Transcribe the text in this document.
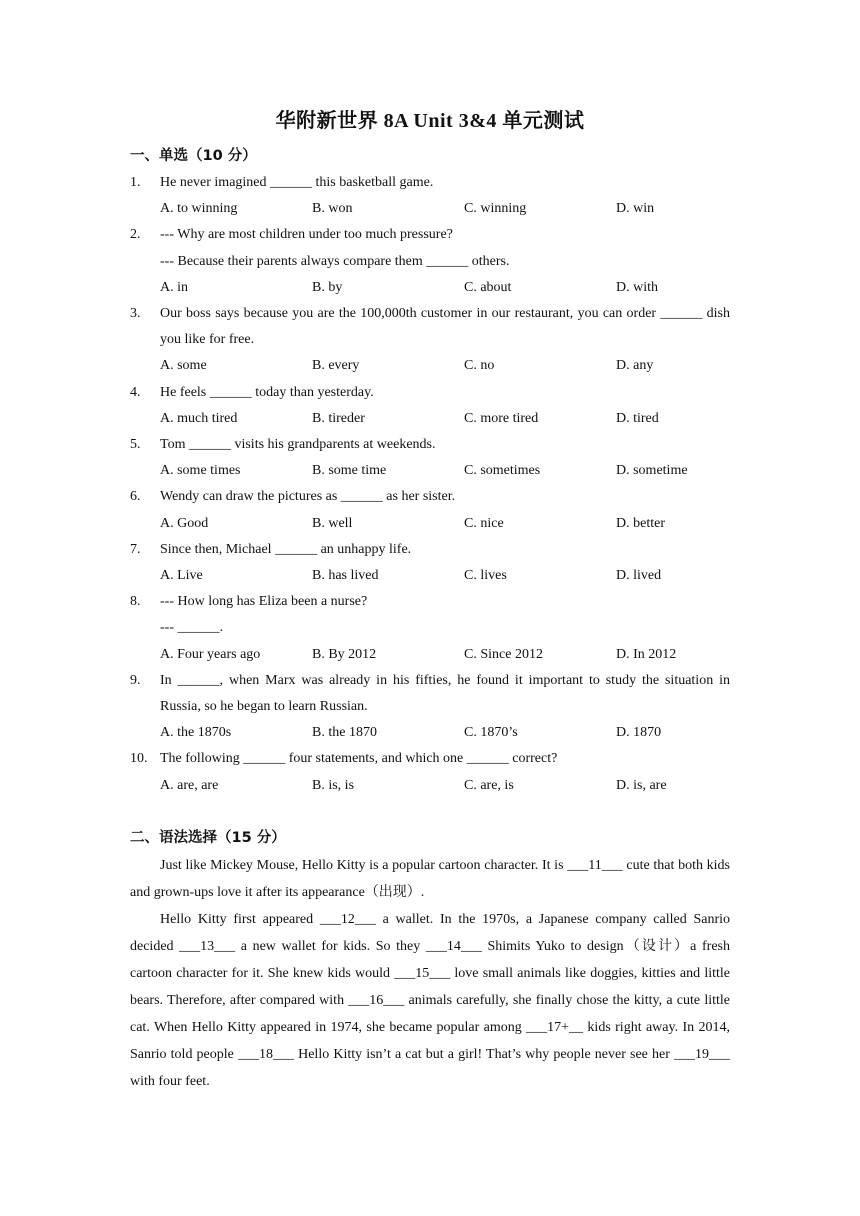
华附新世界 8A Unit 3&4 单元测试
一、单选（10 分）
1.	He never imagined ______ this basketball game.
A. to winning	B. won	C. winning	D. win
2.	--- Why are most children under too much pressure?
--- Because their parents always compare them ______ others.
A. in	B. by	C. about	D. with
3.	Our boss says because you are the 100,000th customer in our restaurant, you can order ______ dish you like for free.
A. some	B. every	C. no	D. any
4.	He feels ______ today than yesterday.
A. much tired	B. tireder	C. more tired	D. tired
5.	Tom ______ visits his grandparents at weekends.
A. some times	B. some time	C. sometimes	D. sometime
6.	Wendy can draw the pictures as ______ as her sister.
A. Good	B. well	C. nice	D. better
7.	Since then, Michael ______ an unhappy life.
A. Live	B. has lived	C. lives	D. lived
8.	--- How long has Eliza been a nurse?
--- ______.
A. Four years ago	B. By 2012	C. Since 2012	D. In 2012
9.	In ______, when Marx was already in his fifties, he found it important to study the situation in Russia, so he began to learn Russian.
A. the 1870s	B. the 1870	C. 1870’s	D. 1870
10. The following ______ four statements, and which one ______ correct?
A. are, are	B. is, is	C. are, is	D. is, are
二、语法选择（15 分）

Just like Mickey Mouse, Hello Kitty is a popular cartoon character. It is ___11___ cute that both kids and grown-ups love it after its appearance（出现）.

Hello Kitty first appeared ___12___ a wallet. In the 1970s, a Japanese company called Sanrio decided ___13___ a new wallet for kids. So they ___14___ Shimits Yuko to design（设计）a fresh cartoon character for it. She knew kids would ___15___ love small animals like doggies, kitties and little bears. Therefore, after compared with ___16___ animals carefully, she finally chose the kitty, a cute little cat. When Hello Kitty appeared in 1974, she became popular among ___17+__ kids right away. In 2014, Sanrio told people ___18___ Hello Kitty isn’t a cat but a girl! That’s why people never see her ___19___ with four feet.
